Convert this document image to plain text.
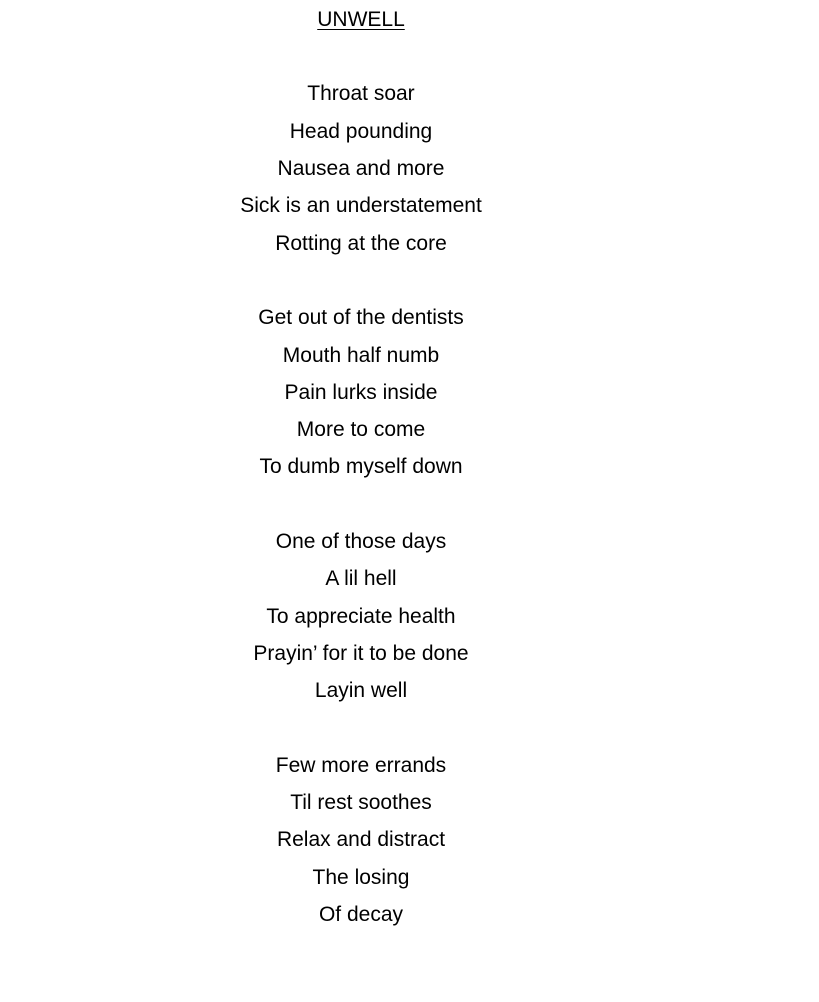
UNWELL
Throat soar
Head pounding
Nausea and more
Sick is an understatement
Rotting at the core
Get out of the dentists
Mouth half numb
Pain lurks inside
More to come
To dumb myself down
One of those days
A lil hell
To appreciate health
Prayin’ for it to be done
Layin well
Few more errands
Til rest soothes
Relax and distract
The losing
Of decay
